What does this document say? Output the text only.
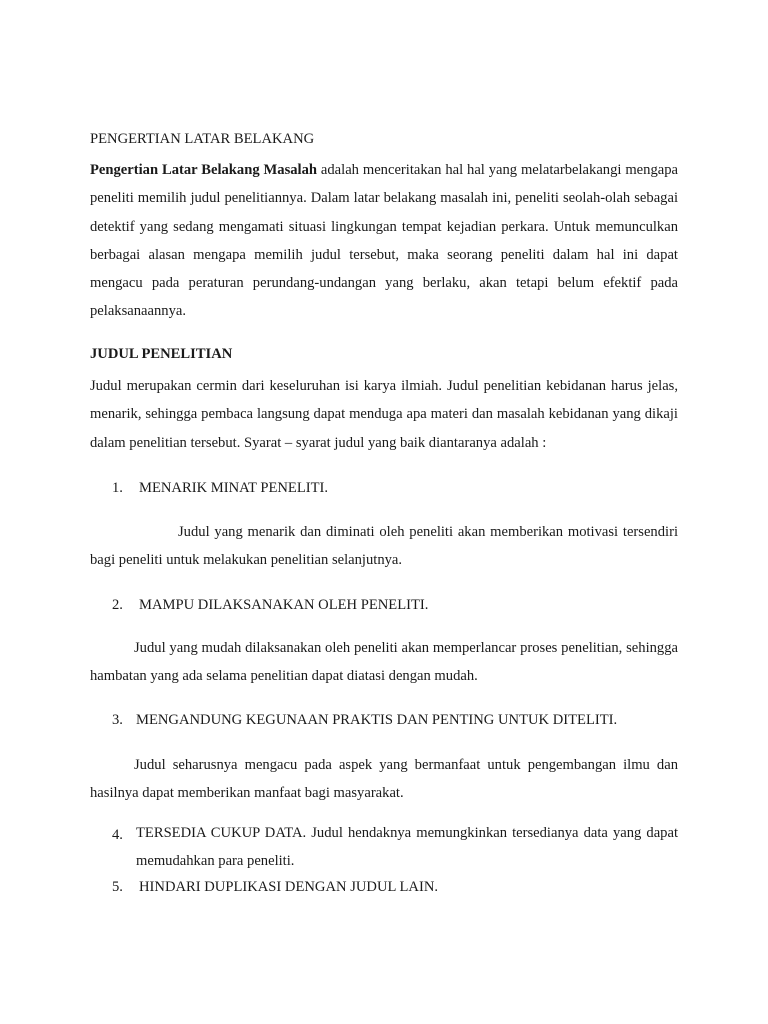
PENGERTIAN LATAR BELAKANG

Pengertian Latar Belakang Masalah adalah menceritakan hal hal yang melatarbelakangi mengapa peneliti memilih judul penelitiannya. Dalam latar belakang masalah ini, peneliti seolah-olah sebagai detektif yang sedang mengamati situasi lingkungan tempat kejadian perkara. Untuk memunculkan berbagai alasan mengapa memilih judul tersebut, maka seorang peneliti dalam hal ini dapat mengacu pada peraturan perundang-undangan yang berlaku, akan tetapi belum efektif pada pelaksanaannya.

JUDUL PENELITIAN

Judul merupakan cermin dari keseluruhan isi karya ilmiah. Judul penelitian kebidanan harus jelas, menarik, sehingga pembaca langsung dapat menduga apa materi dan masalah kebidanan yang dikaji dalam penelitian tersebut. Syarat – syarat judul yang baik diantaranya adalah :

1. MENARIK MINAT PENELITI.

Judul yang menarik dan diminati oleh peneliti akan memberikan motivasi tersendiri bagi peneliti untuk melakukan penelitian selanjutnya.

2. MAMPU DILAKSANAKAN OLEH PENELITI.

Judul yang mudah dilaksanakan oleh peneliti akan memperlancar proses penelitian, sehingga hambatan yang ada selama penelitian dapat diatasi dengan mudah.

3. MENGANDUNG KEGUNAAN PRAKTIS DAN PENTING UNTUK DITELITI.

Judul seharusnya mengacu pada aspek yang bermanfaat untuk pengembangan ilmu dan hasilnya dapat memberikan manfaat bagi masyarakat.

4. TERSEDIA CUKUP DATA. Judul hendaknya memungkinkan tersedianya data yang dapat memudahkan para peneliti.

5. HINDARI DUPLIKASI DENGAN JUDUL LAIN.
